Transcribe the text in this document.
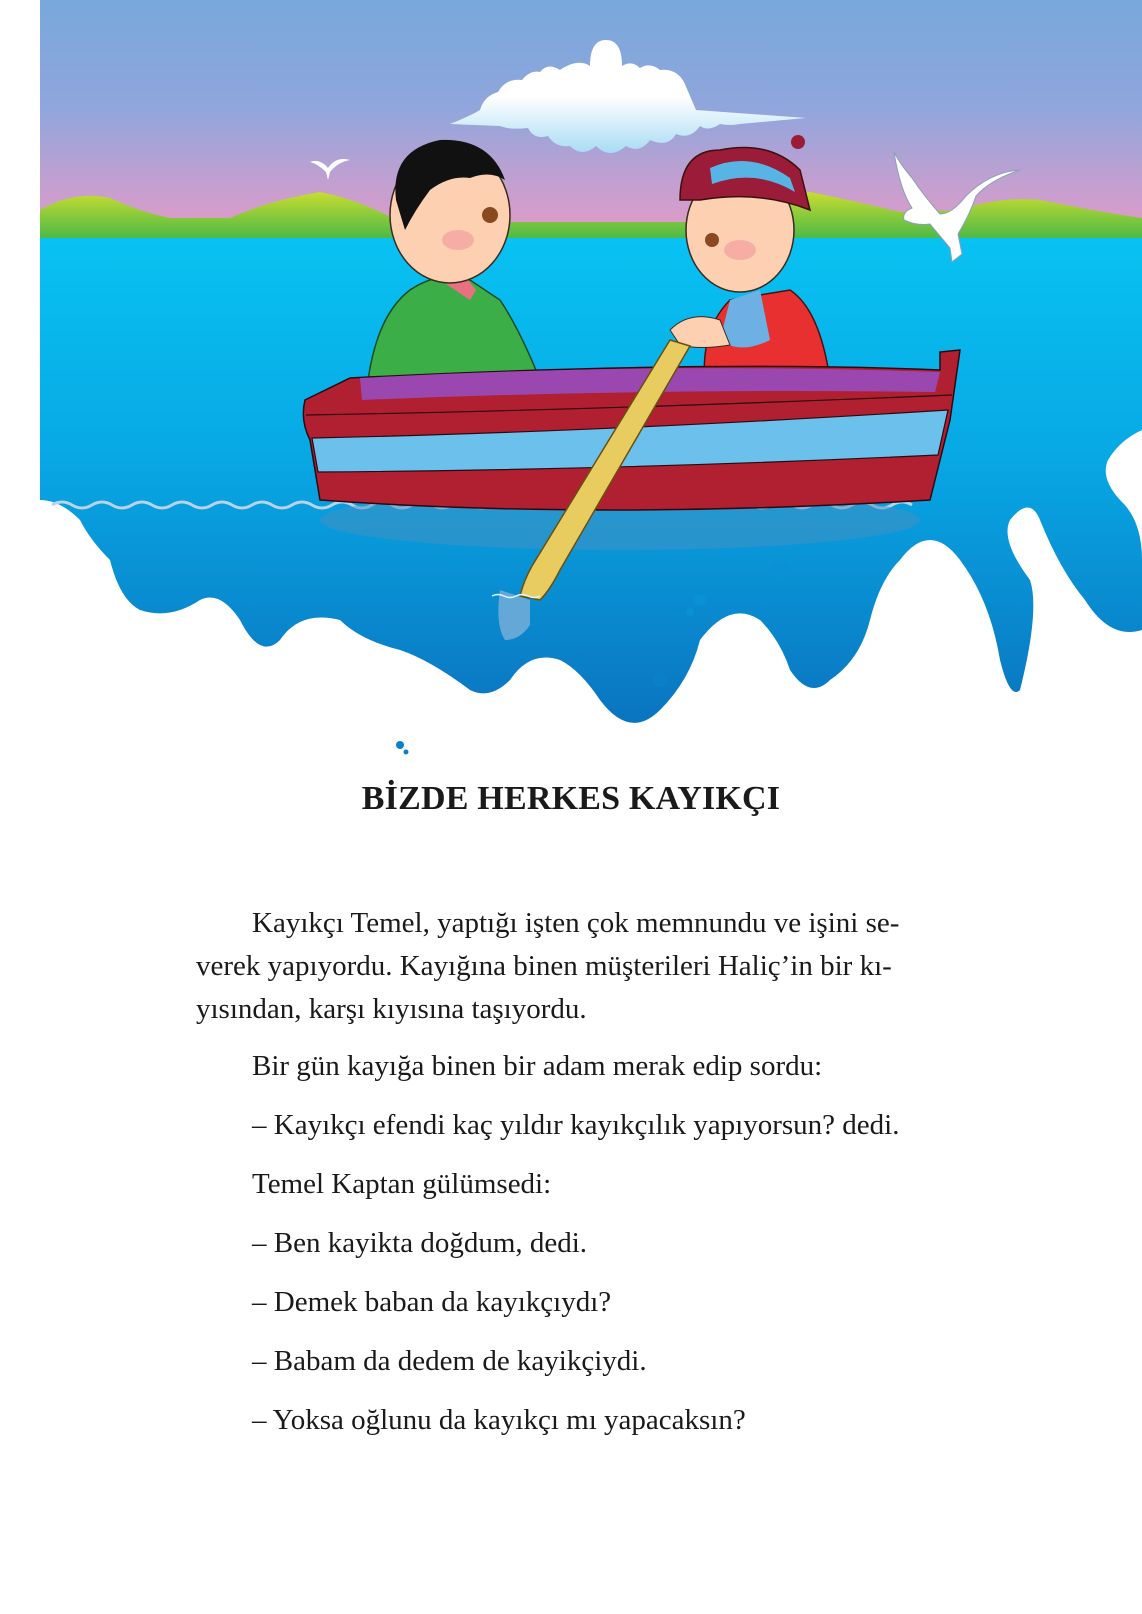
BİZDE HERKES KAYIKÇI

Kayıkçı Temel, yaptığı işten çok memnundu ve işini se-
verek yapıyordu. Kayığına binen müşterileri Haliç’in bir kı-
yısından, karşı kıyısına taşıyordu.

Bir gün kayığa binen bir adam merak edip sordu:

– Kayıkçı efendi kaç yıldır kayıkçılık yapıyorsun? dedi.

Temel Kaptan gülümsedi:

– Ben kayikta doğdum, dedi.

– Demek baban da kayıkçıydı?

– Babam da dedem de kayikçiydi.

– Yoksa oğlunu da kayıkçı mı yapacaksın?
